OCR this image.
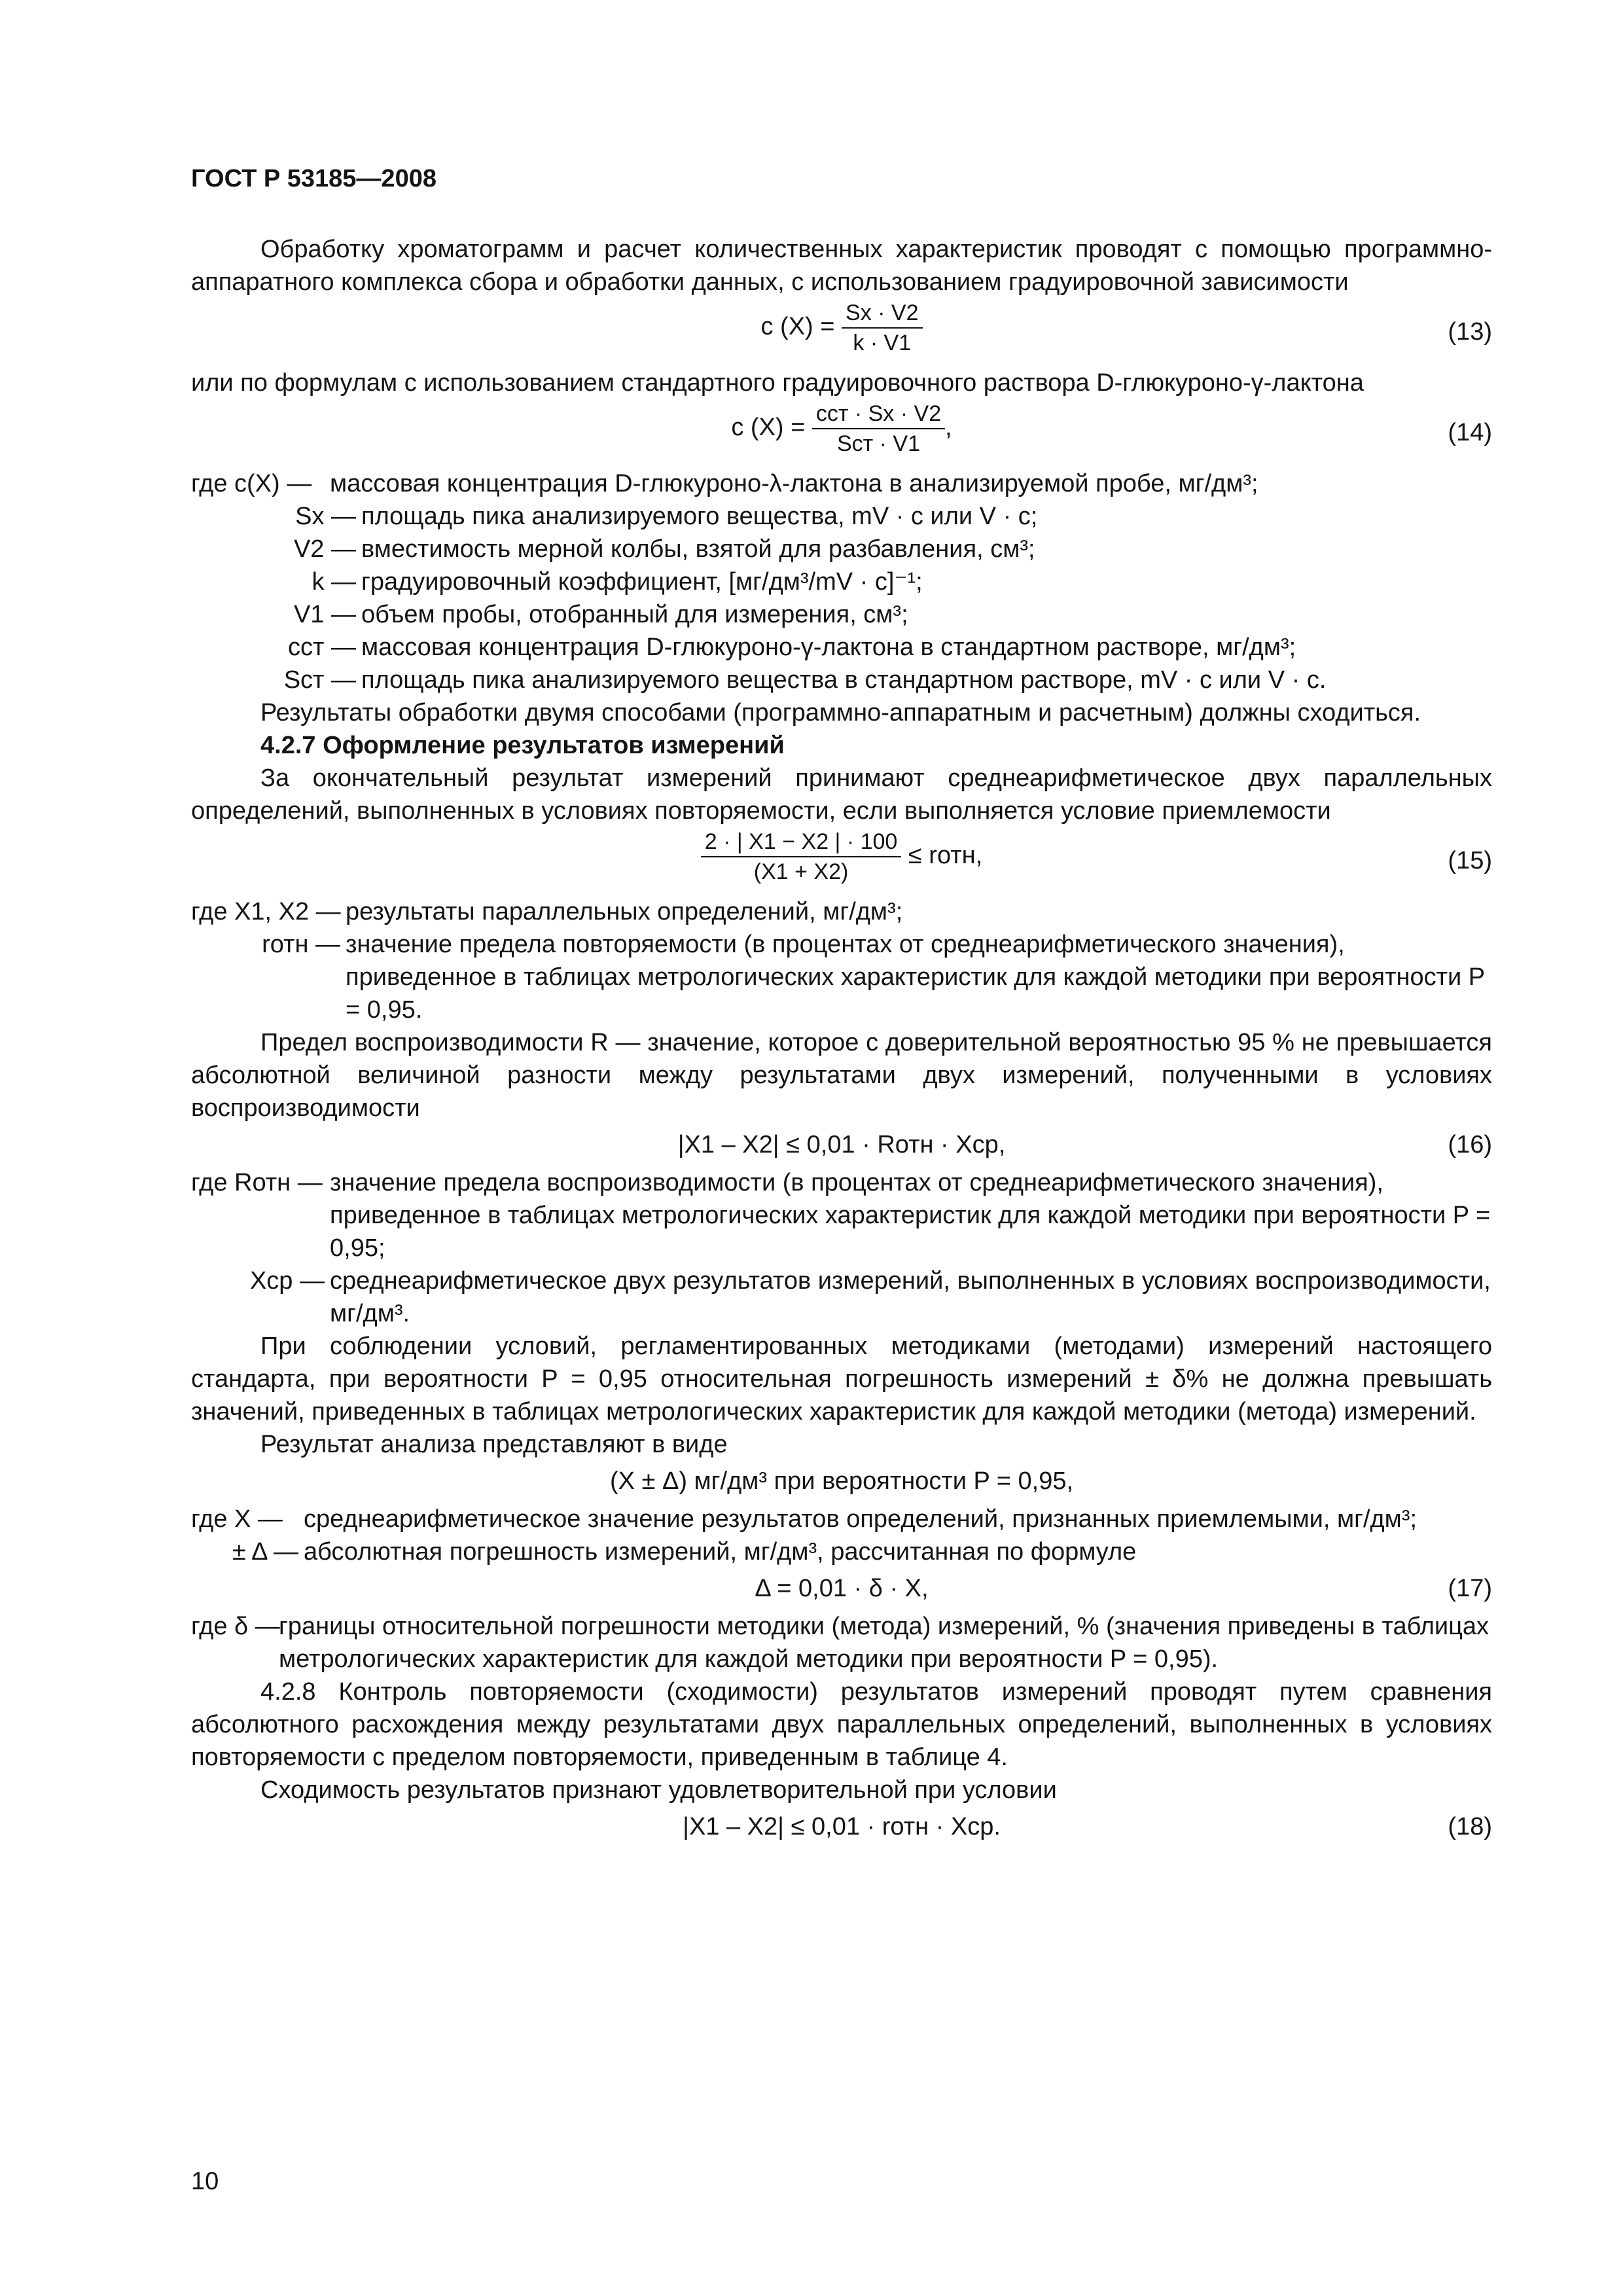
ГОСТ Р 53185—2008

Обработку хроматограмм и расчет количественных характеристик проводят с помощью программно-аппаратного комплекса сбора и обработки данных, с использованием градуировочной зависимости

c $(X) = \frac{Sx \cdot V2}{k \cdot V1}$	(13)

или по формулам с использованием стандартного градуировочного раствора D-глюкуроно-γ-лактона

c $(X) = \frac{\text{cст · Sx · V2}}{\text{Sст · V1}}$ ,	(14)
где c(X) — массовая концентрация D-глюкуроно-λ-лактона в анализируемой пробе, мг/дм³;
Sx — площадь пика анализируемого вещества, mV · c или V · c;
V2 — вместимость мерной колбы, взятой для разбавления, см³;
k — градуировочный коэффициент, [мг/дм³/mV · c]⁻¹;
V1 — объем пробы, отобранный для измерения, см³;
cст — массовая концентрация D-глюкуроно-γ-лактона в стандартном растворе, мг/дм³;
Sст — площадь пика анализируемого вещества в стандартном растворе, mV · c или V · c.

Результаты обработки двумя способами (программно-аппаратным и расчетным) должны сходиться.

4.2.7 Оформление результатов измерений

За окончательный результат измерений принимают среднеарифметическое двух параллельных определений, выполненных в условиях повторяемости, если выполняется условие приемлемости

$\frac{2 \cdot | X1 - X2 | \cdot 100}{(X1 + X2)}$ ≤ rотн,	(15)
где X1, X2 — результаты параллельных определений, мг/дм³;
rотн — значение предела повторяемости (в процентах от среднеарифметического значения), приведенное в таблицах метрологических характеристик для каждой методики при вероятности P = 0,95.

Предел воспроизводимости R — значение, которое с доверительной вероятностью 95 % не превышается абсолютной величиной разности между результатами двух измерений, полученными в условиях воспроизводимости

|X1 – X2| ≤ 0,01 · Rотн · Xср,	(16)
где Rотн — значение предела воспроизводимости (в процентах от среднеарифметического значения), приведенное в таблицах метрологических характеристик для каждой методики при вероятности P = 0,95;
Xср — среднеарифметическое двух результатов измерений, выполненных в условиях воспроизводимости, мг/дм³.

При соблюдении условий, регламентированных методиками (методами) измерений настоящего стандарта, при вероятности P = 0,95 относительная погрешность измерений ± δ% не должна превышать значений, приведенных в таблицах метрологических характеристик для каждой методики (метода) измерений.

Результат анализа представляют в виде

(X ± Δ) мг/дм³ при вероятности P = 0,95,
где X — среднеарифметическое значение результатов определений, признанных приемлемыми, мг/дм³;
± Δ — абсолютная погрешность измерений, мг/дм³, рассчитанная по формуле
Δ = 0,01 · δ · X,	(17)
где δ —
границы относительной погрешности методики (метода) измерений, % (значения приведены в таблицах метрологических характеристик для каждой методики при вероятности P = 0,95).

4.2.8 Контроль повторяемости (сходимости) результатов измерений проводят путем сравнения абсолютного расхождения между результатами двух параллельных определений, выполненных в условиях повторяемости с пределом повторяемости, приведенным в таблице 4.

Сходимость результатов признают удовлетворительной при условии

|X1 – X2| ≤ 0,01 · rотн · Xср.	(18)
10
